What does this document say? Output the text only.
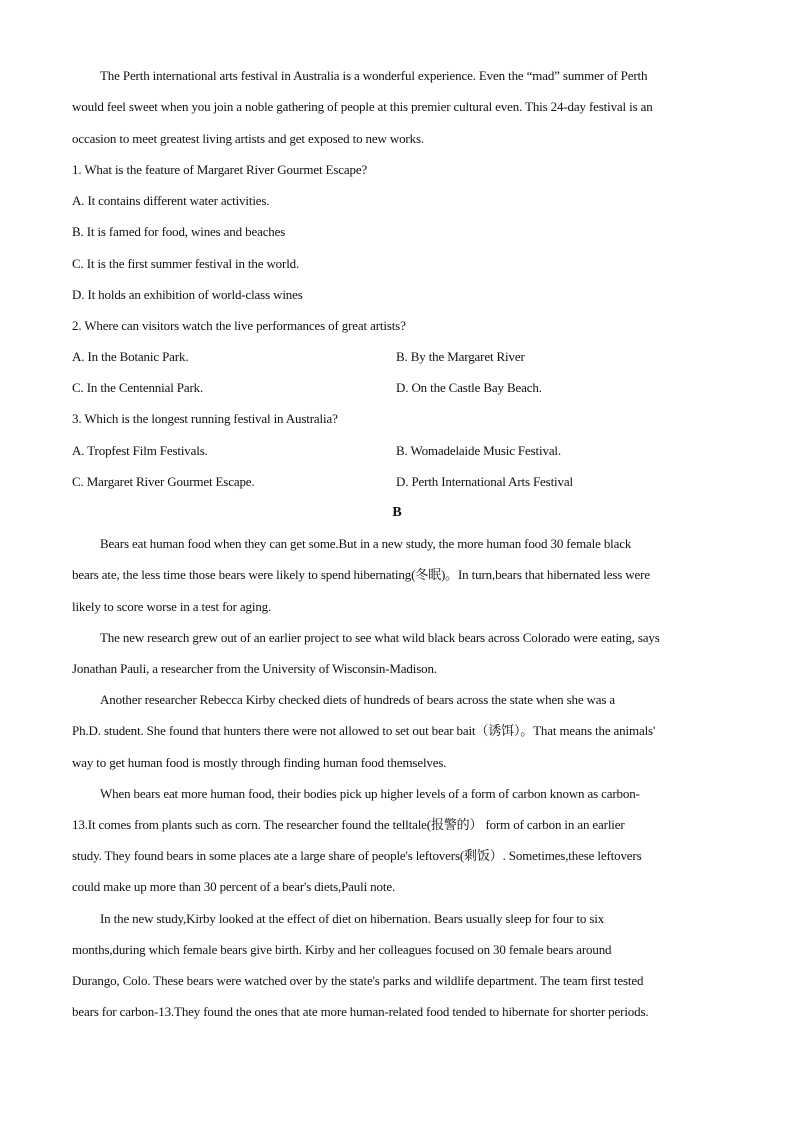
The Perth international arts festival in Australia is a wonderful experience. Even the “mad” summer of Perth
would feel sweet when you join a noble gathering of people at this premier cultural even. This 24-day festival is an
occasion to meet greatest living artists and get exposed to new works.
1. What is the feature of Margaret River Gourmet Escape?
A. It contains different water activities.
B. It is famed for food, wines and beaches
C. It is the first summer festival in the world.
D. It holds an exhibition of world-class wines
2. Where can visitors watch the live performances of great artists?
A. In the Botanic Park.	B. By the Margaret River
C. In the Centennial Park.	D. On the Castle Bay Beach.
3. Which is the longest running festival in Australia?
A. Tropfest Film Festivals.	B. Womadelaide Music Festival.
C. Margaret River Gourmet Escape.	D. Perth International Arts Festival
B
Bears eat human food when they can get some.But in a new study, the more human food 30 female black
bears ate, the less time those bears were likely to spend hibernating(冬眠)。In turn,bears that hibernated less were
likely to score worse in a test for aging.
The new research grew out of an earlier project to see what wild black bears across Colorado were eating, says
Jonathan Pauli, a researcher from the University of Wisconsin-Madison.
Another researcher Rebecca Kirby checked diets of hundreds of bears across the state when she was a
Ph.D. student. She found that hunters there were not allowed to set out bear bait（诱饵）。That means the animals'
way to get human food is mostly through finding human food themselves.
When bears eat more human food, their bodies pick up higher levels of a form of carbon known as carbon-
13.It comes from plants such as corn. The researcher found the telltale(报警的） form of carbon in an earlier
study. They found bears in some places ate a large share of people's leftovers(剩饭）. Sometimes,these leftovers
could make up more than 30 percent of a bear's diets,Pauli note.
In the new study,Kirby looked at the effect of diet on hibernation. Bears usually sleep for four to six
months,during which female bears give birth. Kirby and her colleagues focused on 30 female bears around
Durango, Colo. These bears were watched over by the state's parks and wildlife department. The team first tested
bears for carbon-13.They found the ones that ate more human-related food tended to hibernate for shorter periods.
